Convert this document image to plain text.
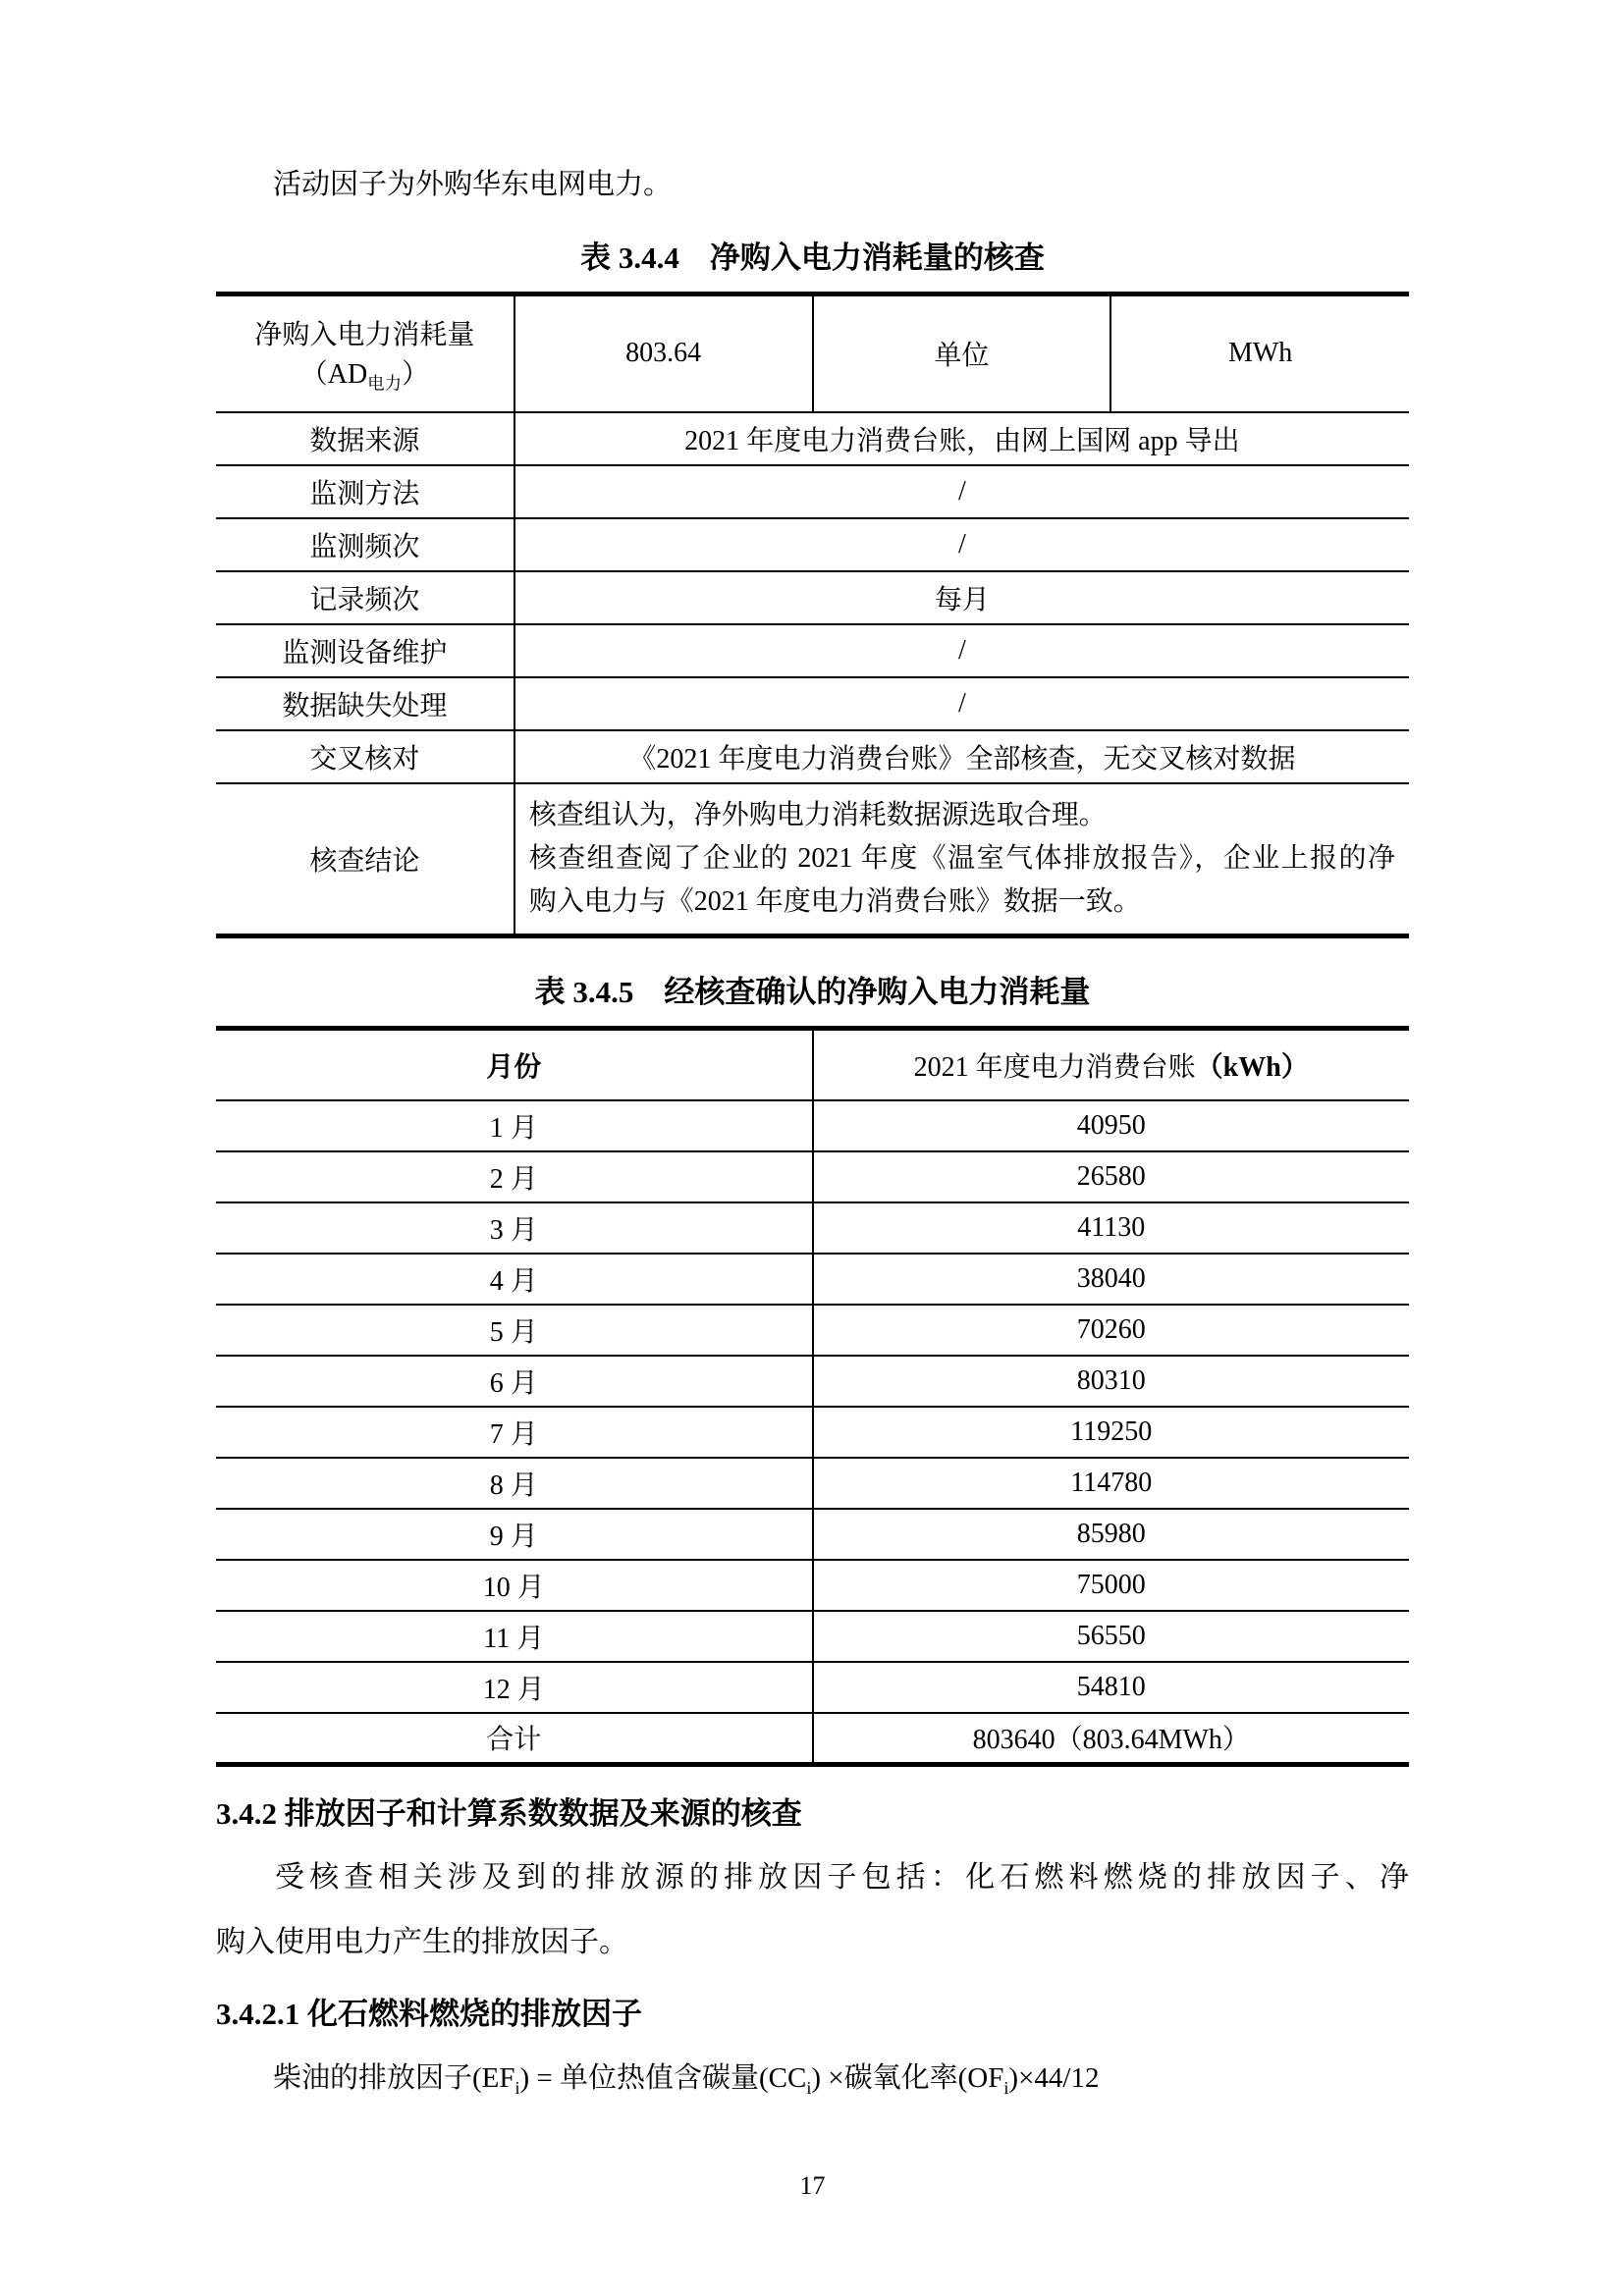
活动因子为外购华东电网电力。
表 3.4.4　净购入电力消耗量的核查
净购入电力消耗量
$(AD_{电力})$	803.64	单位	MWh
数据来源	2021 年度电力消费台账，由网上国网 app 导出		
监测方法	/		
监测频次	/		
记录频次	每月		
监测设备维护	/		
数据缺失处理	/		
交叉核对	《2021 年度电力消费台账》全部核查，无交叉核对数据		
核查结论	核查组认为，净外购电力消耗数据源选取合理。
核查组查阅了企业的 2021 年度《温室气体排放报告》，企业上报的净
购入电力与《2021 年度电力消费台账》数据一致。		
表 3.4.5　经核查确认的净购入电力消耗量
月份	2021 年度电力消费台账（kWh）
1 月	40950
2 月	26580
3 月	41130
4 月	38040
5 月	70260
6 月	80310
7 月	119250
8 月	114780
9 月	85980
10 月	75000
11 月	56550
12 月	54810
合计	803640（803.64MWh）
3.4.2 排放因子和计算系数数据及来源的核查
受核查相关涉及到的排放源的排放因子包括：化石燃料燃烧的排放因子、净
购入使用电力产生的排放因子。
3.4.2.1 化石燃料燃烧的排放因子
柴油的排放因子$(EF_i)$ = 单位热值含碳量$(CC_i)$ ×碳氧化率$(OF_i)\times 44/12$
17
